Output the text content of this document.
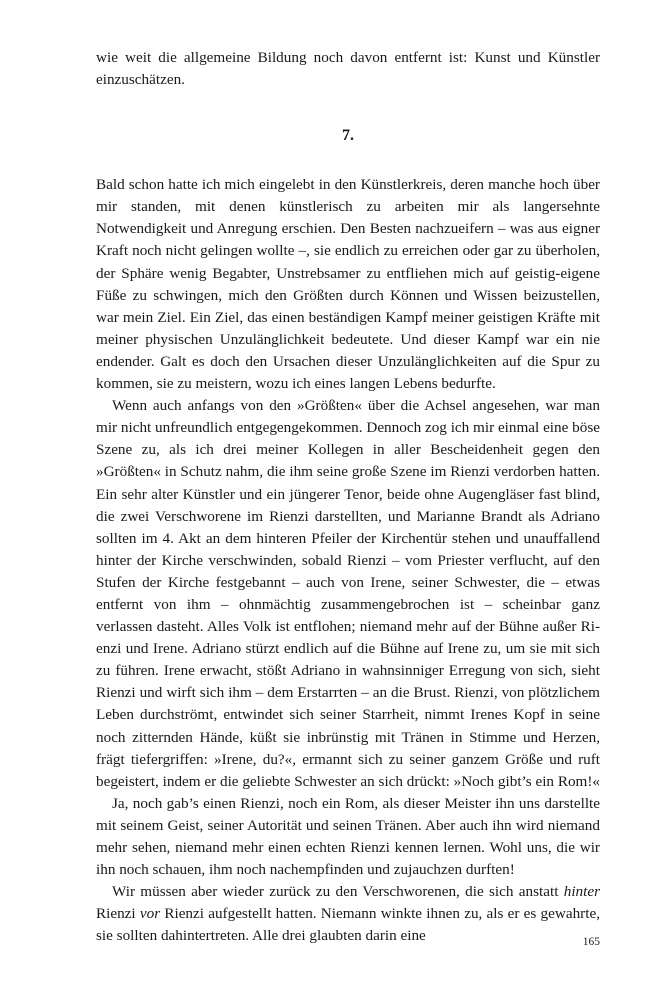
wie weit die allgemeine Bildung noch davon entfernt ist: Kunst und Künstler einzuschätzen.

7.

Bald schon hatte ich mich eingelebt in den Künstlerkreis, deren manche hoch über mir standen, mit denen künstlerisch zu arbeiten mir als langersehnte Notwendigkeit und Anregung erschien. Den Besten nachzueifern – was aus eigner Kraft noch nicht gelingen wollte –, sie endlich zu erreichen oder gar zu überholen, der Sphäre wenig Begabter, Unstrebsamer zu entfliehen mich auf geistig-eigene Füße zu schwingen, mich den Größten durch Können und Wissen beizustellen, war mein Ziel. Ein Ziel, das einen beständigen Kampf meiner geistigen Kräfte mit meiner physischen Unzulänglichkeit bedeutete. Und dieser Kampf war ein nie endender. Galt es doch den Ursachen dieser Unzulänglichkeiten auf die Spur zu kommen, sie zu meistern, wozu ich eines langen Lebens bedurfte.

Wenn auch anfangs von den »Größten« über die Achsel angesehen, war man mir nicht unfreundlich entgegengekommen. Dennoch zog ich mir einmal eine böse Szene zu, als ich drei meiner Kollegen in aller Bescheidenheit gegen den »Größten« in Schutz nahm, die ihm seine große Szene im Rienzi verdorben hatten. Ein sehr alter Künstler und ein jüngerer Tenor, beide ohne Augengläser fast blind, die zwei Verschworene im Rienzi darstellten, und Marianne Brandt als Adriano sollten im 4. Akt an dem hinteren Pfeiler der Kirchentür stehen und unauffallend hinter der Kirche verschwinden, sobald Rienzi – vom Priester verflucht, auf den Stufen der Kirche festgebannt – auch von Irene, seiner Schwester, die – etwas entfernt von ihm – ohnmächtig zusammengebrochen ist – scheinbar ganz verlassen dasteht. Alles Volk ist entflohen; niemand mehr auf der Bühne außer Rienzi und Irene. Adriano stürzt endlich auf die Bühne auf Irene zu, um sie mit sich zu führen. Irene erwacht, stößt Adriano in wahnsinniger Erregung von sich, sieht Rienzi und wirft sich ihm – dem Erstarrten – an die Brust. Rienzi, von plötzlichem Leben durchströmt, entwindet sich seiner Starrheit, nimmt Irenes Kopf in seine noch zitternden Hände, küßt sie inbrünstig mit Tränen in Stimme und Herzen, frägt tiefergriffen: »Irene, du?«, ermannt sich zu seiner ganzem Größe und ruft begeistert, indem er die geliebte Schwester an sich drückt: »Noch gibt’s ein Rom!«

Ja, noch gab’s einen Rienzi, noch ein Rom, als dieser Meister ihn uns darstellte mit seinem Geist, seiner Autorität und seinen Tränen. Aber auch ihn wird niemand mehr sehen, niemand mehr einen echten Rienzi kennen lernen. Wohl uns, die wir ihn noch schauen, ihm noch nachempfinden und zujauchzen durften!

Wir müssen aber wieder zurück zu den Verschworenen, die sich anstatt hinter Rienzi vor Rienzi aufgestellt hatten. Niemann winkte ihnen zu, als er es gewahrte, sie sollten dahintertreten. Alle drei glaubten darin eine	165
